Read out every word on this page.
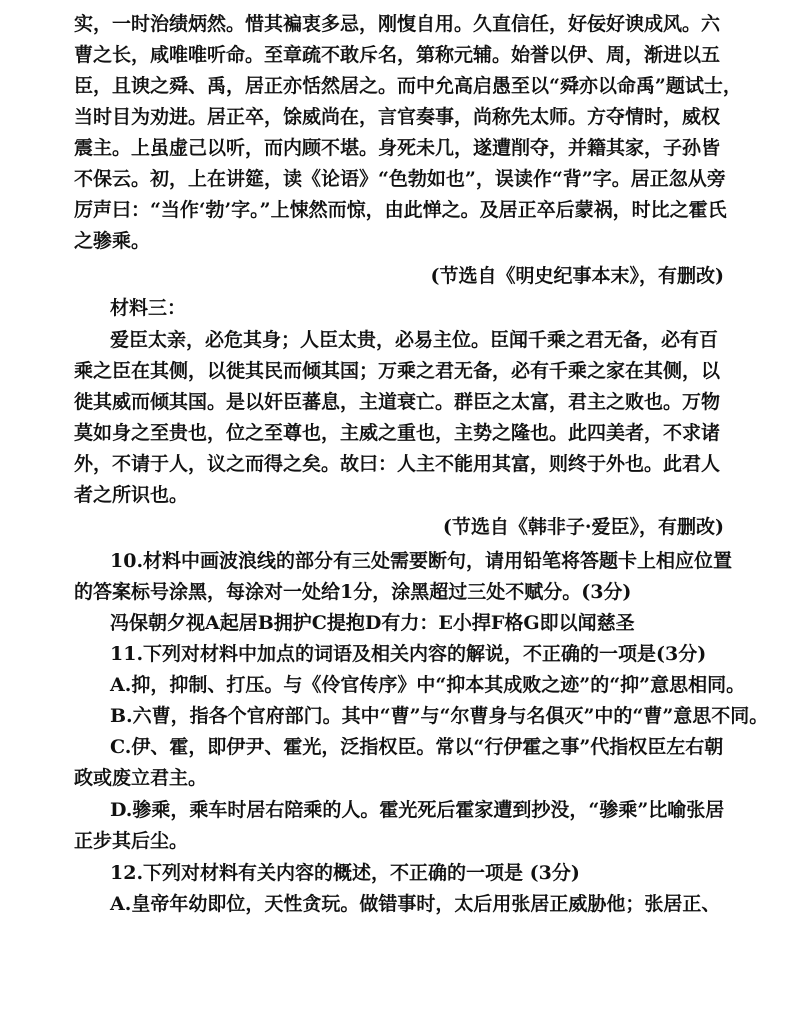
实，一时治绩炳然。惜其褊衷多忌，刚愎自用。久直信任，好佞好谀成风。六
曹之长，咸唯唯听命。至章疏不敢斥名，第称元辅。始誉以伊、周，渐进以五
臣，且谀之舜、禹，居正亦恬然居之。而中允高启愚至以“舜亦以命禹”题试士，
当时目为劝进。居正卒，馀威尚在，言官奏事，尚称先太师。方夺情时，威权
震主。上虽虚己以听，而内顾不堪。身死未几，遂遭削夺，并籍其家，子孙皆
不保云。初，上在讲筵，读《论语》“色勃如也”，误读作“背”字。居正忽从旁
厉声曰：“当作‘勃’字。”上悚然而惊，由此惮之。及居正卒后蒙祸，时比之霍氏
之骖乘。
(节选自《明史纪事本末》，有删改)
材料三：
爱臣太亲，必危其身；人臣太贵，必易主位。臣闻千乘之君无备，必有百
乘之臣在其侧，以徙其民而倾其国；万乘之君无备，必有千乘之家在其侧，以
徙其威而倾其国。是以奸臣蕃息，主道衰亡。群臣之太富，君主之败也。万物
莫如身之至贵也，位之至尊也，主威之重也，主势之隆也。此四美者，不求诸
外，不请于人，议之而得之矣。故曰：人主不能用其富，则终于外也。此君人
者之所识也。
(节选自《韩非子·爱臣》，有删改)
10.材料中画波浪线的部分有三处需要断句，请用铅笔将答题卡上相应位置
的答案标号涂黑，每涂对一处给1分，涂黑超过三处不赋分。(3分)
冯保朝夕视A起居B拥护C提抱D有力：E小捍F格G即以闻慈圣
11.下列对材料中加点的词语及相关内容的解说，不正确的一项是(3分)
A.抑，抑制、打压。与《伶官传序》中“抑本其成败之迹”的“抑”意思相同。
B.六曹，指各个官府部门。其中“曹”与“尔曹身与名俱灭”中的“曹”意思不同。
C.伊、霍，即伊尹、霍光，泛指权臣。常以“行伊霍之事”代指权臣左右朝
政或废立君主。
D.骖乘，乘车时居右陪乘的人。霍光死后霍家遭到抄没，“骖乘”比喻张居
正步其后尘。
12.下列对材料有关内容的概述，不正确的一项是 (3分)
A.皇帝年幼即位，天性贪玩。做错事时，太后用张居正威胁他；张居正、
